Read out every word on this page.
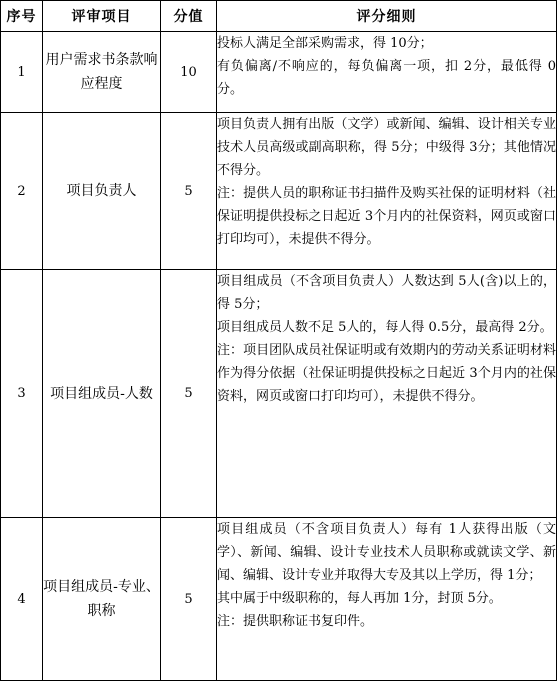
序号	评审项目	分值	评分细则
1	用户需求书条款响应程度	10	投标人满足全部采购需求，得 10分；
有负偏离/不响应的，每负偏离一项，扣 2分，最低得 0分。

2	项目负责人	5	项目负责人拥有出版（文学）或新闻、编辑、设计相关专业技术人员高级或副高职称，得 5分；中级得 3分；其他情况不得分。
注：提供人员的职称证书扫描件及购买社保的证明材料（社保证明提供投标之日起近 3个月内的社保资料，网页或窗口打印均可），未提供不得分。

3	项目组成员-人数	5	项目组成员（不含项目负责人）人数达到 5人(含)以上的，得 5分；
项目组成员人数不足 5人的，每人得 0.5分，最高得 2分。
注：项目团队成员社保证明或有效期内的劳动关系证明材料作为得分依据（社保证明提供投标之日起近 3个月内的社保资料，网页或窗口打印均可），未提供不得分。

4	项目组成员-专业、职称	5	项目组成员（不含项目负责人）每有 1人获得出版（文学）、新闻、编辑、设计专业技术人员职称或就读文学、新闻、编辑、设计专业并取得大专及其以上学历，得 1分；
其中属于中级职称的，每人再加 1分，封顶 5分。
注：提供职称证书复印件。
